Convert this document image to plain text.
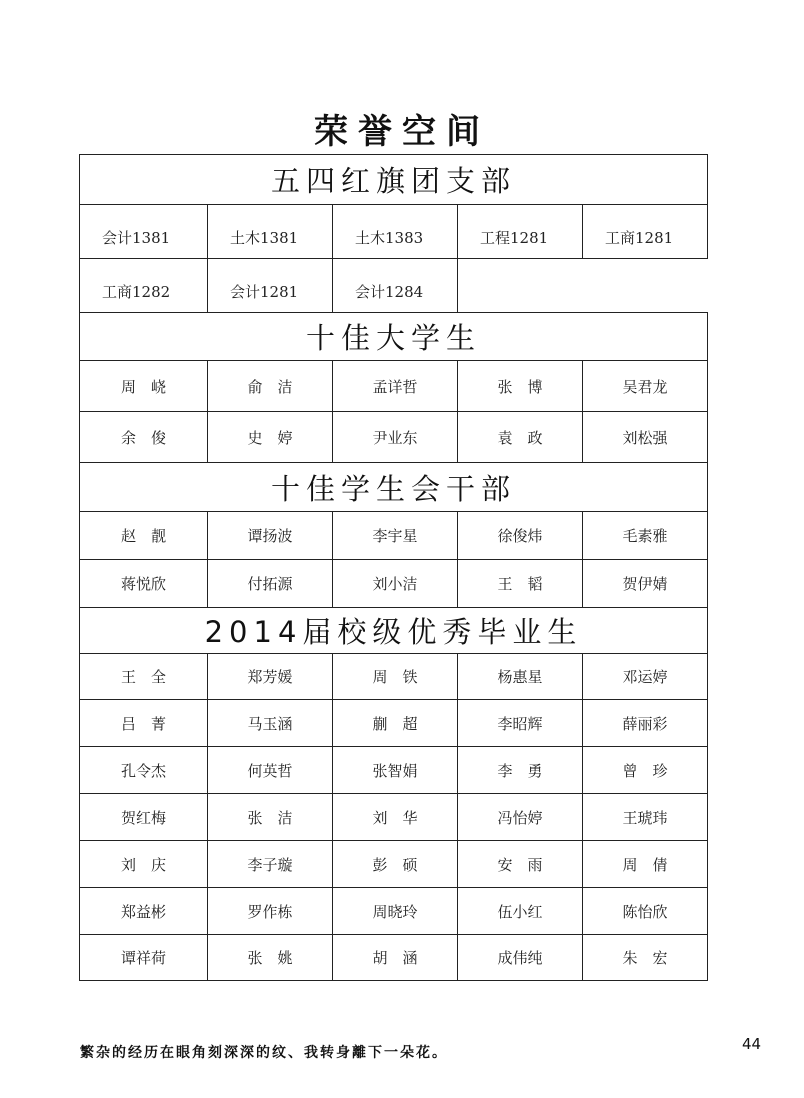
荣誉空间
五四红旗团支部				
会计1381	土木1381	土木1383	工程1281	工商1281
工商1282	会计1281	会计1284		
十佳大学生				
周　峣	俞　洁	孟详哲	张　博	吴君龙
余　俊	史　婷	尹业东	袁　政	刘松强
十佳学生会干部				
赵　靓	谭扬波	李宇星	徐俊炜	毛素雅
蒋悦欣	付拓源	刘小洁	王　韬	贺伊婧
2014届校级优秀毕业生				
王　全	郑芳媛	周　铁	杨惠星	邓运婷
吕　菁	马玉涵	蒯　超	李昭辉	薛丽彩
孔令杰	何英哲	张智娟	李　勇	曾　珍
贺红梅	张　洁	刘　华	冯怡婷	王琥玮
刘　庆	李子璇	彭　硕	安　雨	周　倩
郑益彬	罗作栋	周晓玲	伍小红	陈怡欣
谭祥荷	张　姚	胡　涵	成伟纯	朱　宏
繁杂的经历在眼角刻深深的纹、我转身離下一朵花。	44
